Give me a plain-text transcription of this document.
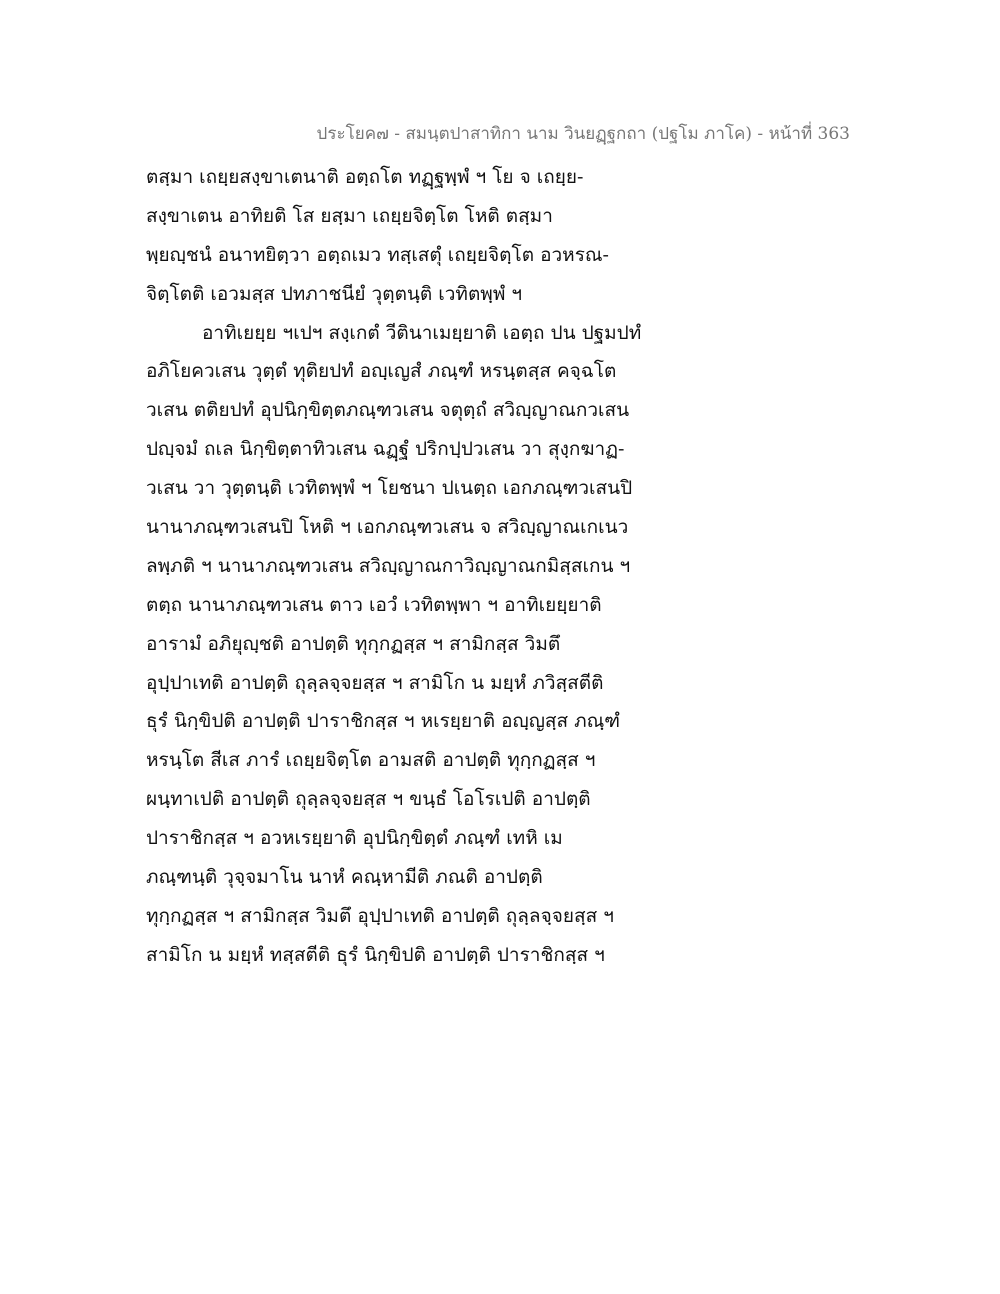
ประโยค๗ - สมนฺตปาสาทิกา นาม วินยฏฺฐกถา (ปฐโม ภาโค) - หน้าที่ 363
ตสฺมา เถยฺยสงฺขาเตนาติ อตฺถโต ทฏฺฐพฺพํ ฯ โย จ เถยฺย-
สงฺขาเตน อาทิยติ โส ยสฺมา เถยฺยจิตฺโต โหติ ตสฺมา
พฺยญฺชนํ อนาทยิตฺวา อตฺถเมว ทสฺเสตุํ เถยฺยจิตฺโต อวหรณ-
จิตฺโตติ เอวมสฺส ปทภาชนียํ วุตฺตนฺติ เวทิตพฺพํ ฯ
อาทิเยยฺย ฯเปฯ สงฺเกตํ วีตินาเมยฺยาติ เอตฺถ ปน ปฐมปทํ
อภิโยควเสน วุตฺตํ ทุติยปทํ อญฺเญสํ ภณฺฑํ หรนฺตสฺส คจฺฉโต
วเสน ตติยปทํ อุปนิกฺขิตฺตภณฺฑวเสน จตุตฺถํ สวิญฺญาณกวเสน
ปญฺจมํ ถเล นิกฺขิตฺตาทิวเสน ฉฏฺฐํ ปริกปฺปวเสน วา สุงฺกฆาฏ-
วเสน วา วุตฺตนฺติ เวทิตพฺพํ ฯ โยชนา ปเนตฺถ เอกภณฺฑวเสนปิ
นานาภณฺฑวเสนปิ โหติ ฯ เอกภณฺฑวเสน จ สวิญฺญาณเกเนว
ลพฺภติ ฯ นานาภณฺฑวเสน สวิญฺญาณกาวิญฺญาณกมิสฺสเกน ฯ
ตตฺถ นานาภณฺฑวเสน ตาว เอวํ เวทิตพฺพา ฯ อาทิเยยฺยาติ
อารามํ อภิยุญฺชติ อาปตฺติ ทุกฺกฏสฺส ฯ สามิกสฺส วิมตึ
อุปฺปาเทติ อาปตฺติ ถุลฺลจฺจยสฺส ฯ สามิโก น มยฺหํ ภวิสฺสตีติ
ธุรํ นิกฺขิปติ อาปตฺติ ปาราชิกสฺส ฯ หเรยฺยาติ อญฺญสฺส ภณฺฑํ
หรนฺโต สีเส ภารํ เถยฺยจิตฺโต อามสติ อาปตฺติ ทุกฺกฏสฺส ฯ
ผนฺทาเปติ อาปตฺติ ถุลฺลจฺจยสฺส ฯ ขนฺธํ โอโรเปติ อาปตฺติ
ปาราชิกสฺส ฯ อวหเรยฺยาติ อุปนิกฺขิตฺตํ ภณฺฑํ เทหิ เม
ภณฺฑนฺติ วุจฺจมาโน นาหํ คณฺหามีติ ภณติ อาปตฺติ
ทุกฺกฏสฺส ฯ สามิกสฺส วิมตึ อุปฺปาเทติ อาปตฺติ ถุลฺลจฺจยสฺส ฯ
สามิโก น มยฺหํ ทสฺสตีติ ธุรํ นิกฺขิปติ อาปตฺติ ปาราชิกสฺส ฯ
